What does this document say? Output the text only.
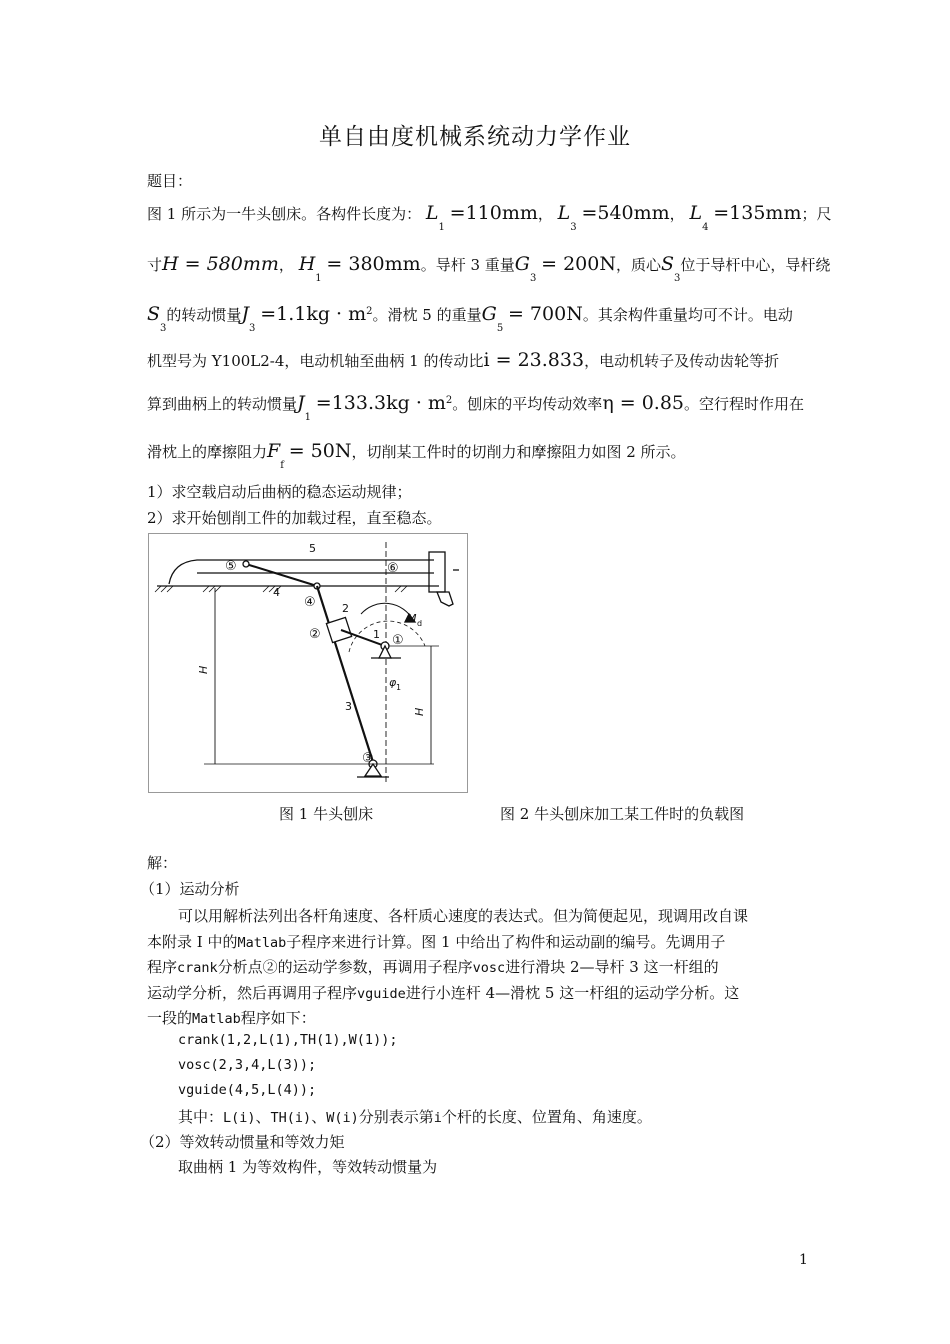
单自由度机械系统动力学作业
题目：
图 1 所示为一牛头刨床。各构件长度为： $L_1 =110mm$， $L_3 =540mm$， $L_4 =135mm$；尺
寸H = 580mm， $H_1 = 380mm$。导杆 3 重量$G_3 = 200N$，质心$S_3$位于导杆中心，导杆绕
$S_3$的转动惯量$J_3 =1.1kg \cdot m^2$。滑枕 5 的重量$G_5 = 700N$。其余构件重量均可不计。电动
机型号为 Y100L2-4，电动机轴至曲柄 1 的传动比i = 23.833，电动机转子及传动齿轮等折
算到曲柄上的转动惯量$J_1 =133.3kg \cdot m^2$。刨床的平均传动效率η = 0.85。空行程时作用在
滑枕上的摩擦阻力$F_f = 50N$，切削某工件时的切削力和摩擦阻力如图 2 所示。
1）求空载启动后曲柄的稳态运动规律；
2）求开始刨削工件的加载过程，直至稳态。
5
4
2
1
3
⑤	⑥
④
②	①
③
M d
φ 1
H
H
图 1 牛头刨床	图 2 牛头刨床加工某工件时的负载图
解：
（1）运动分析
可以用解析法列出各杆角速度、各杆质心速度的表达式。但为简便起见，现调用改自课
本附录 I 中的Matlab子程序来进行计算。图 1 中给出了构件和运动副的编号。先调用子
程序crank分析点②的运动学参数，再调用子程序vosc进行滑块 2—导杆 3 这一杆组的
运动学分析，然后再调用子程序vguide进行小连杆 4—滑枕 5 这一杆组的运动学分析。这
一段的Matlab程序如下：
crank(1,2,L(1),TH(1),W(1));
vosc(2,3,4,L(3));
vguide(4,5,L(4));
其中：L(i)、TH(i)、W(i)分别表示第i个杆的长度、位置角、角速度。
（2）等效转动惯量和等效力矩
取曲柄 1 为等效构件，等效转动惯量为
1
